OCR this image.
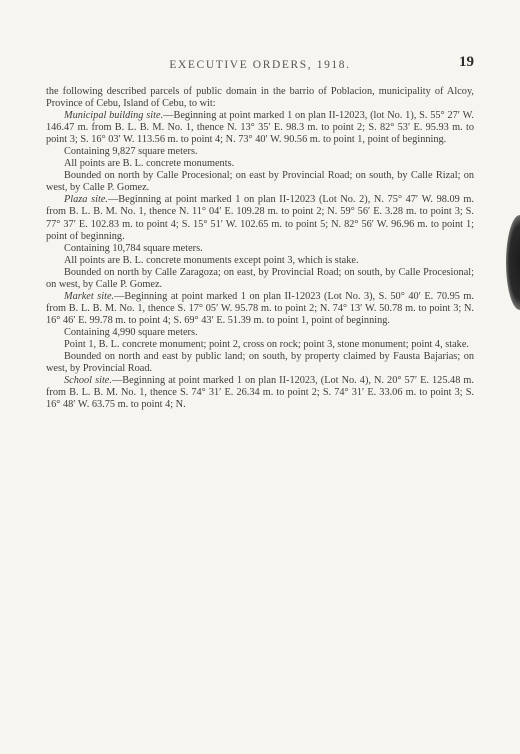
EXECUTIVE ORDERS, 1918.	19

the following described parcels of public domain in the barrio of Poblacion, municipality of Alcoy, Province of Cebu, Island of Cebu, to wit:

Municipal building site.—Beginning at point marked 1 on plan II-12023, (lot No. 1), S. 55° 27′ W. 146.47 m. from B. L. B. M. No. 1, thence N. 13° 35′ E. 98.3 m. to point 2; S. 82° 53′ E. 95.93 m. to point 3; S. 16° 03′ W. 113.56 m. to point 4; N. 73° 40′ W. 90.56 m. to point 1, point of beginning.

Containing 9,827 square meters.

All points are B. L. concrete monuments.

Bounded on north by Calle Procesional; on east by Provincial Road; on south, by Calle Rizal; on west, by Calle P. Gomez.

Plaza site.—Beginning at point marked 1 on plan II-12023 (Lot No. 2), N. 75° 47′ W. 98.09 m. from B. L. B. M. No. 1, thence N. 11° 04′ E. 109.28 m. to point 2; N. 59° 56′ E. 3.28 m. to point 3; S. 77° 37′ E. 102.83 m. to point 4; S. 15° 51′ W. 102.65 m. to point 5; N. 82° 56′ W. 96.96 m. to point 1; point of beginning.

Containing 10,784 square meters.

All points are B. L. concrete monuments except point 3, which is stake.

Bounded on north by Calle Zaragoza; on east, by Provincial Road; on south, by Calle Procesional; on west, by Calle P. Gomez.

Market site.—Beginning at point marked 1 on plan II-12023 (Lot No. 3), S. 50° 40′ E. 70.95 m. from B. L. B. M. No. 1, thence S. 17° 05′ W. 95.78 m. to point 2; N. 74° 13′ W. 50.78 m. to point 3; N. 16° 46′ E. 99.78 m. to point 4; S. 69° 43′ E. 51.39 m. to point 1, point of beginning.

Containing 4,990 square meters.

Point 1, B. L. concrete monument; point 2, cross on rock; point 3, stone monument; point 4, stake.

Bounded on north and east by public land; on south, by property claimed by Fausta Bajarias; on west, by Provincial Road.

School site.—Beginning at point marked 1 on plan II-12023, (Lot No. 4), N. 20° 57′ E. 125.48 m. from B. L. B. M. No. 1, thence S. 74° 31′ E. 26.34 m. to point 2; S. 74° 31′ E. 33.06 m. to point 3; S. 16° 48′ W. 63.75 m. to point 4; N.
